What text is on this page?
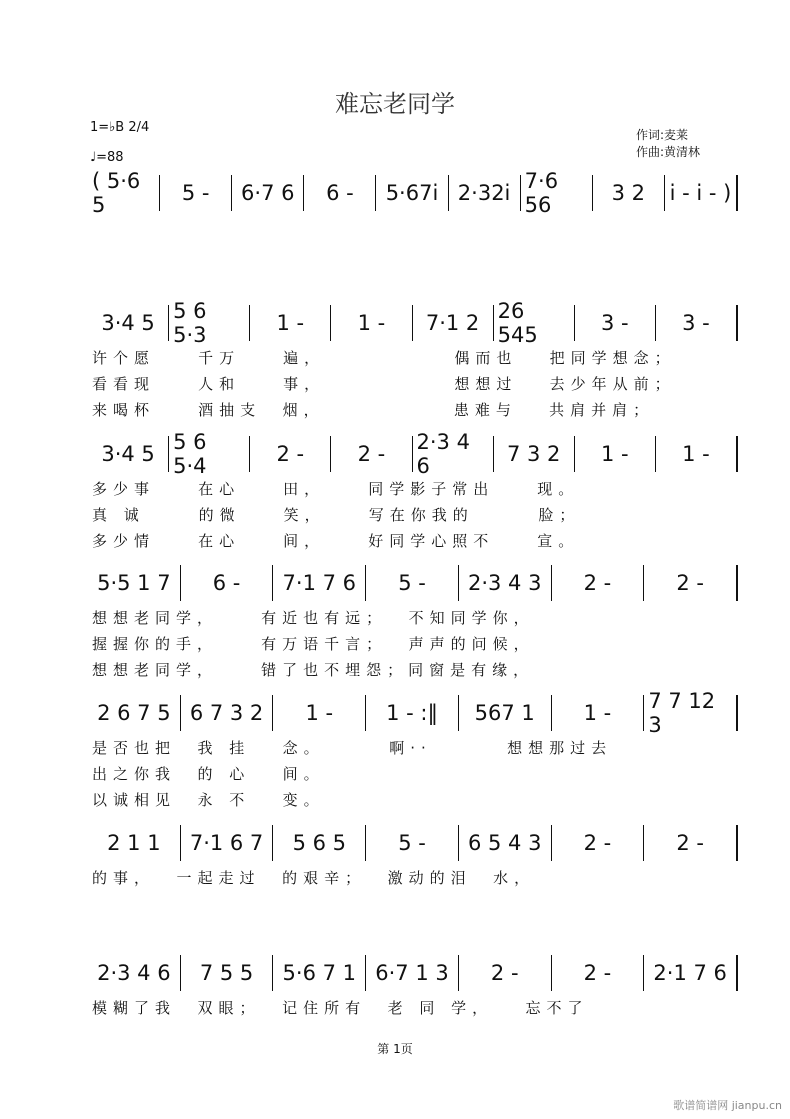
难忘老同学
1=♭B 2/4
♩=88
作词:麦莱
作曲:黄清林
( 5·6 5	5 - 6·7 6 6 - 5·67i 2·32i 7·6 56	3 2 i - i - )
3·4 5 5 6 5·3	1 -	1 - 7·1 2 26 545	3 -	3 -
许个愿    千万    遍，            偶而也   把同学想念；
看看现    人和    事，            想想过   去少年从前；
来喝杯    酒抽支  烟，            患难与   共肩并肩；
3·4 5 5 6 5·4	2 -	2 - 2·3 4 6	7 3 2 1 -	1 -
多少事    在心    田，    同学影子常出    现。
真 诚     的微    笑，    写在你我的      脸；
多少情    在心    间，    好同学心照不    宣。
5·5 1 7 6 - 7·1 7 6 5 - 2·3 4 3 2 -	2 -
想想老同学，    有近也有远；  不知同学你，
握握你的手，    有万语千言；  声声的问候，
想想老同学，    错了也不埋怨；同窗是有缘，
2 6 7 5 6 7 3 2 1 -	1 - :‖ 567 1 1 - 7 7 12 3
是否也把  我 挂   念。      啊··       想想那过去
出之你我  的 心   间。
以诚相见  永 不   变。
2 1 1 7·1 6 7 5 6 5 5 - 6 5 4 3 2 -	2 -
的事，  一起走过  的艰辛；  激动的泪  水，
2·3 4 6 7 5 5 5·6 7 1 6·7 1 3 2 -	2 - 2·1 7 6
模糊了我  双眼；  记住所有  老 同 学，   忘不了
第 1页
歌谱简谱网 jianpu.cn
